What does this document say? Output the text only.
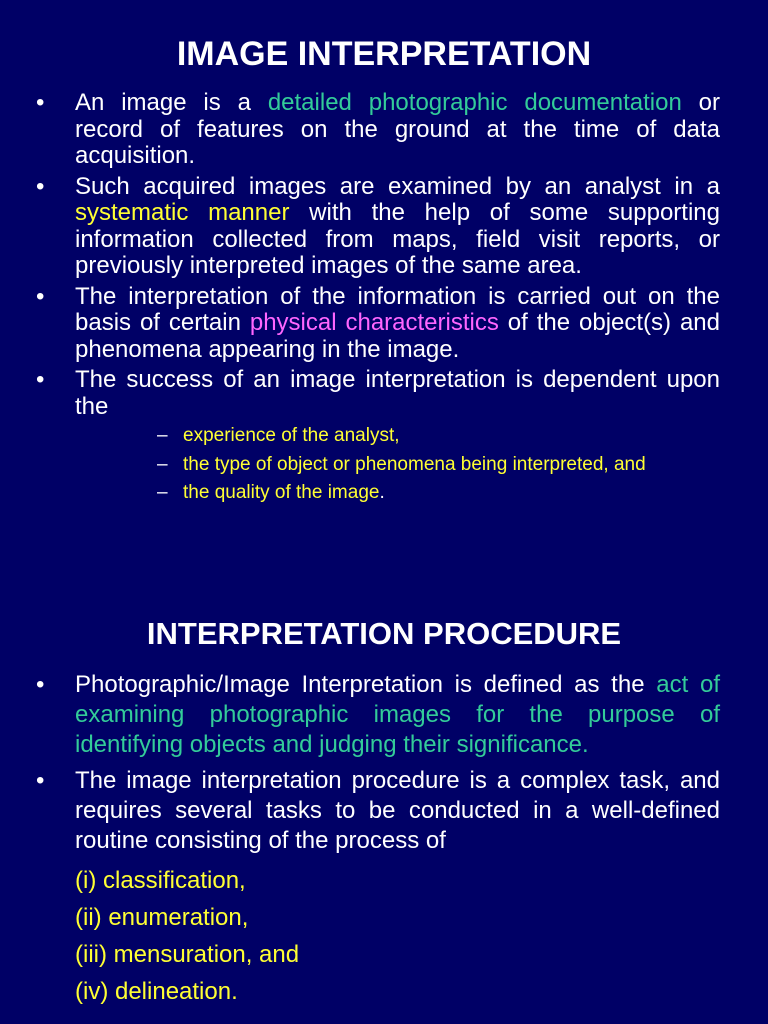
IMAGE INTERPRETATION
• An image is a detailed photographic documentation or record of features on the ground at the time of data acquisition.
• Such acquired images are examined by an analyst in a systematic manner with the help of some supporting information collected from maps, field visit reports, or previously interpreted images of the same area.
• The interpretation of the information is carried out on the basis of certain physical characteristics of the object(s) and phenomena appearing in the image.
• The success of an image interpretation is dependent upon the
– experience of the analyst,
– the type of object or phenomena being interpreted, and
– the quality of the image.
INTERPRETATION PROCEDURE
• Photographic/Image Interpretation is defined as the act of examining photographic images for the purpose of identifying objects and judging their significance.
• The image interpretation procedure is a complex task, and requires several tasks to be conducted in a well-defined routine consisting of the process of
(i) classification,
(ii) enumeration,
(iii) mensuration, and
(iv) delineation.
